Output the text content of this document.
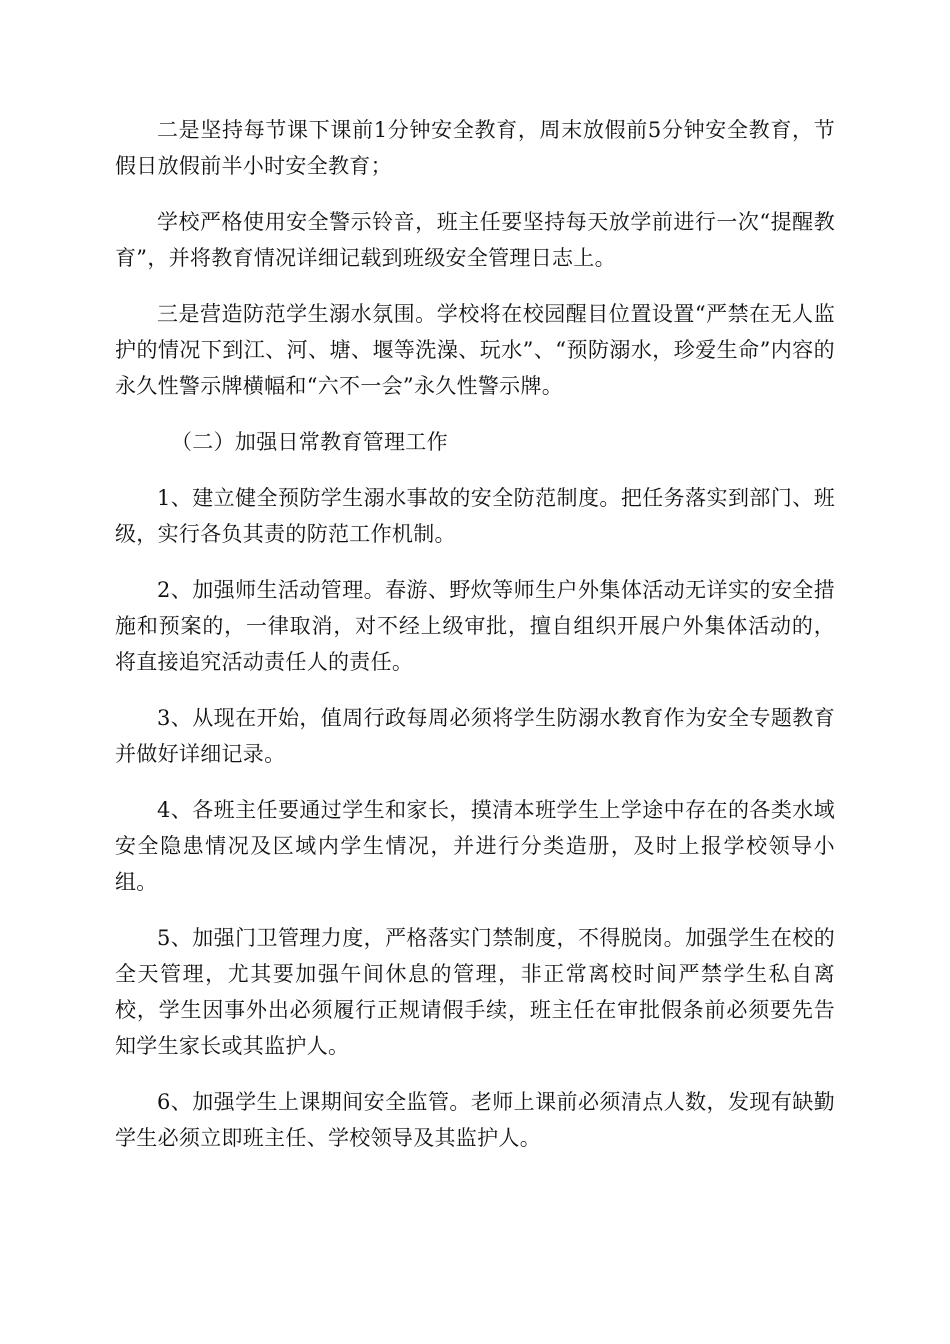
二是坚持每节课下课前1分钟安全教育，周末放假前5分钟安全教育，节假日放假前半小时安全教育；

学校严格使用安全警示铃音，班主任要坚持每天放学前进行一次“提醒教育”，并将教育情况详细记载到班级安全管理日志上。

三是营造防范学生溺水氛围。学校将在校园醒目位置设置“严禁在无人监护的情况下到江、河、塘、堰等洗澡、玩水”、“预防溺水，珍爱生命”内容的永久性警示牌横幅和“六不一会”永久性警示牌。

（二）加强日常教育管理工作

1、建立健全预防学生溺水事故的安全防范制度。把任务落实到部门、班级，实行各负其责的防范工作机制。

2、加强师生活动管理。春游、野炊等师生户外集体活动无详实的安全措施和预案的，一律取消，对不经上级审批，擅自组织开展户外集体活动的，将直接追究活动责任人的责任。

3、从现在开始，值周行政每周必须将学生防溺水教育作为安全专题教育并做好详细记录。

4、各班主任要通过学生和家长，摸清本班学生上学途中存在的各类水域安全隐患情况及区域内学生情况，并进行分类造册，及时上报学校领导小组。

5、加强门卫管理力度，严格落实门禁制度，不得脱岗。加强学生在校的全天管理，尤其要加强午间休息的管理，非正常离校时间严禁学生私自离校，学生因事外出必须履行正规请假手续，班主任在审批假条前必须要先告知学生家长或其监护人。

6、加强学生上课期间安全监管。老师上课前必须清点人数，发现有缺勤学生必须立即班主任、学校领导及其监护人。
